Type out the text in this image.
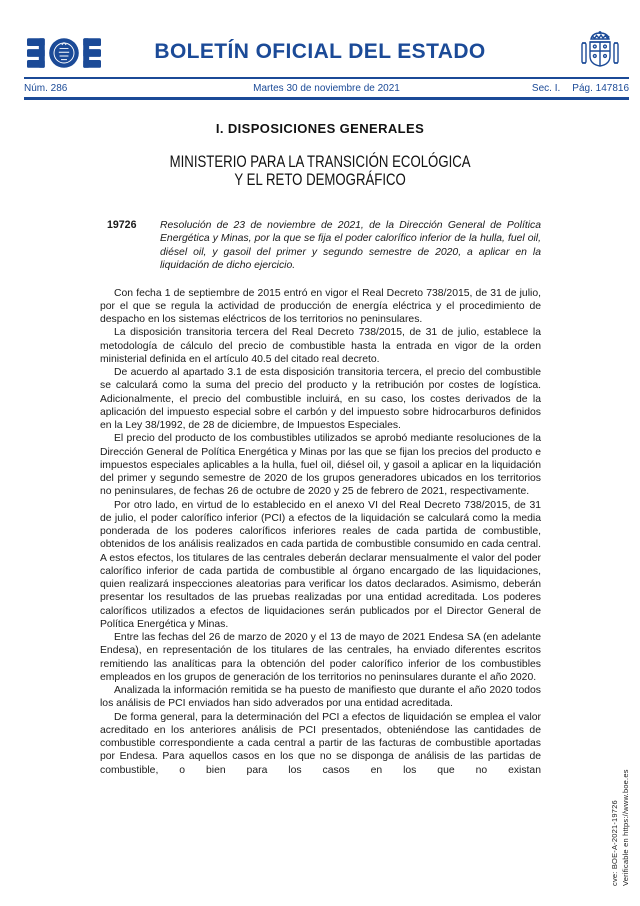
BOLETÍN OFICIAL DEL ESTADO
Núm. 286	Martes 30 de noviembre de 2021	Sec. I. Pág. 147816
I. DISPOSICIONES GENERALES
MINISTERIO PARA LA TRANSICIÓN ECOLÓGICA
Y EL RETO DEMOGRÁFICO
19726	Resolución de 23 de noviembre de 2021, de la Dirección General de Política Energética y Minas, por la que se fija el poder calorífico inferior de la hulla, fuel oil, diésel oil, y gasoil del primer y segundo semestre de 2020, a aplicar en la liquidación de dicho ejercicio.

Con fecha 1 de septiembre de 2015 entró en vigor el Real Decreto 738/2015, de 31 de julio, por el que se regula la actividad de producción de energía eléctrica y el procedimiento de despacho en los sistemas eléctricos de los territorios no peninsulares.

La disposición transitoria tercera del Real Decreto 738/2015, de 31 de julio, establece la metodología de cálculo del precio de combustible hasta la entrada en vigor de la orden ministerial definida en el artículo 40.5 del citado real decreto.

De acuerdo al apartado 3.1 de esta disposición transitoria tercera, el precio del combustible se calculará como la suma del precio del producto y la retribución por costes de logística. Adicionalmente, el precio del combustible incluirá, en su caso, los costes derivados de la aplicación del impuesto especial sobre el carbón y del impuesto sobre hidrocarburos definidos en la Ley 38/1992, de 28 de diciembre, de Impuestos Especiales.

El precio del producto de los combustibles utilizados se aprobó mediante resoluciones de la Dirección General de Política Energética y Minas por las que se fijan los precios del producto e impuestos especiales aplicables a la hulla, fuel oil, diésel oil, y gasoil a aplicar en la liquidación del primer y segundo semestre de 2020 de los grupos generadores ubicados en los territorios no peninsulares, de fechas 26 de octubre de 2020 y 25 de febrero de 2021, respectivamente.

Por otro lado, en virtud de lo establecido en el anexo VI del Real Decreto 738/2015, de 31 de julio, el poder calorífico inferior (PCI) a efectos de la liquidación se calculará como la media ponderada de los poderes caloríficos inferiores reales de cada partida de combustible, obtenidos de los análisis realizados en cada partida de combustible consumido en cada central. A estos efectos, los titulares de las centrales deberán declarar mensualmente el valor del poder calorífico inferior de cada partida de combustible al órgano encargado de las liquidaciones, quien realizará inspecciones aleatorias para verificar los datos declarados. Asimismo, deberán presentar los resultados de las pruebas realizadas por una entidad acreditada. Los poderes caloríficos utilizados a efectos de liquidaciones serán publicados por el Director General de Política Energética y Minas.

Entre las fechas del 26 de marzo de 2020 y el 13 de mayo de 2021 Endesa SA (en adelante Endesa), en representación de los titulares de las centrales, ha enviado diferentes escritos remitiendo las analíticas para la obtención del poder calorífico inferior de los combustibles empleados en los grupos de generación de los territorios no peninsulares durante el año 2020.

Analizada la información remitida se ha puesto de manifiesto que durante el año 2020 todos los análisis de PCI enviados han sido adverados por una entidad acreditada.

De forma general, para la determinación del PCI a efectos de liquidación se emplea el valor acreditado en los anteriores análisis de PCI presentados, obteniéndose las cantidades de combustible correspondiente a cada central a partir de las facturas de combustible aportadas por Endesa. Para aquellos casos en los que no se disponga de análisis de las partidas de combustible, o bien para los casos en los que no existan

cve: BOE-A-2021-19726 Verificable en https://www.boe.es
